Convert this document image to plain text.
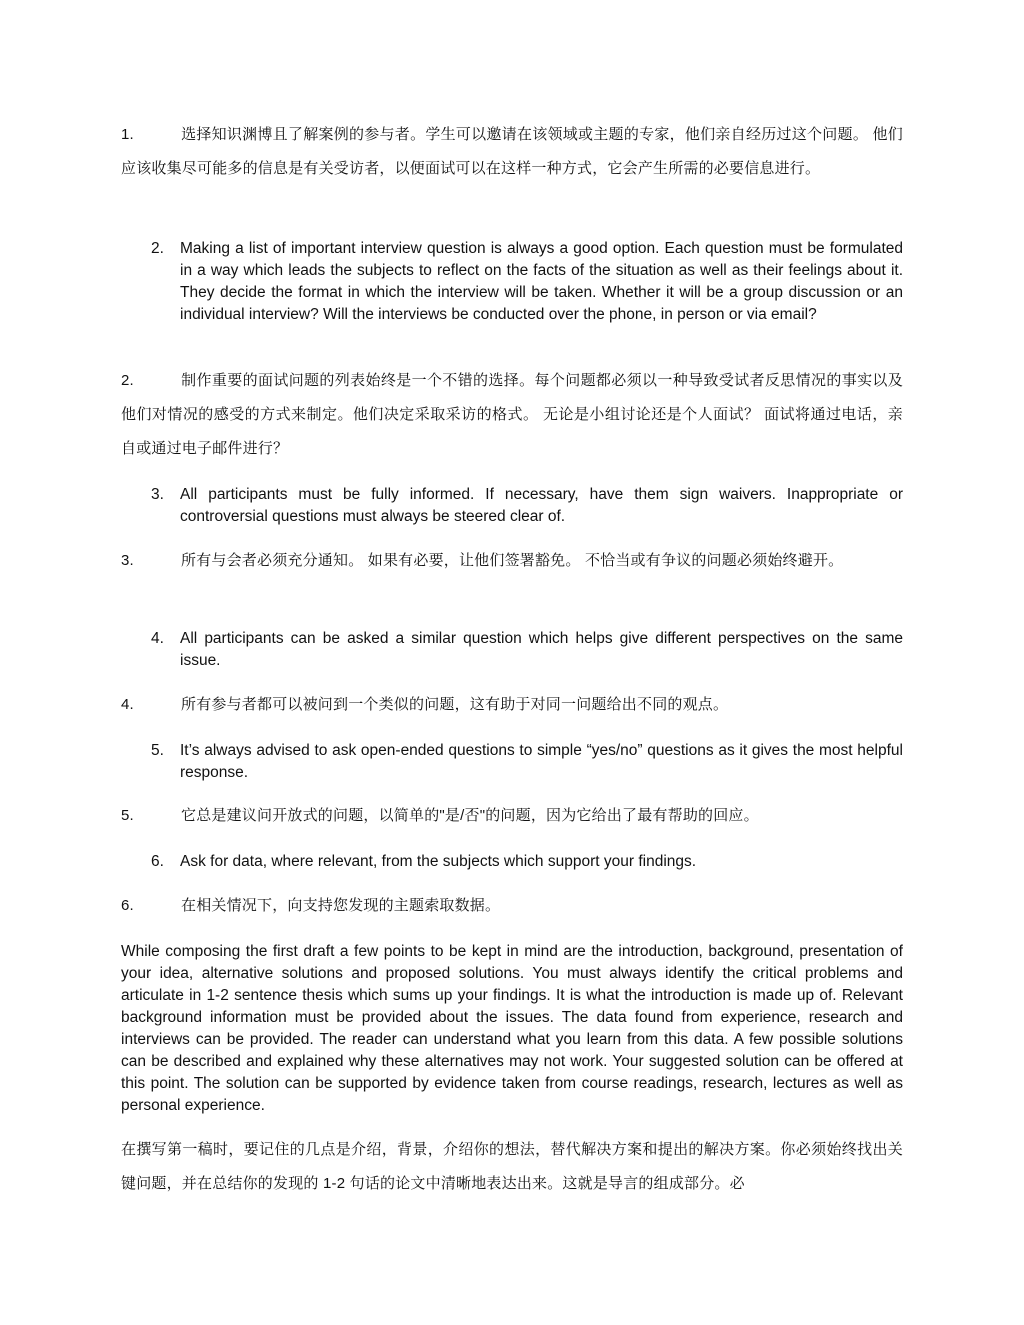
1.	选择知识渊博且了解案例的参与者。学生可以邀请在该领域或主题的专家，他们亲自经历过这个问题。 他们应该收集尽可能多的信息是有关受访者，以便面试可以在这样一种方式，它会产生所需的必要信息进行。

2. Making a list of important interview question is always a good option. Each question must be formulated in a way which leads the subjects to reflect on the facts of the situation as well as their feelings about it. They decide the format in which the interview will be taken. Whether it will be a group discussion or an individual interview? Will the interviews be conducted over the phone, in person or via email?

2.	制作重要的面试问题的列表始终是一个不错的选择。每个问题都必须以一种导致受试者反思情况的事实以及他们对情况的感受的方式来制定。他们决定采取采访的格式。 无论是小组讨论还是个人面试？ 面试将通过电话，亲自或通过电子邮件进行？

3. All participants must be fully informed. If necessary, have them sign waivers. Inappropriate or controversial questions must always be steered clear of.

3.	所有与会者必须充分通知。 如果有必要，让他们签署豁免。 不恰当或有争议的问题必须始终避开。

4. All participants can be asked a similar question which helps give different perspectives on the same issue.

4.	所有参与者都可以被问到一个类似的问题，这有助于对同一问题给出不同的观点。

5. It’s always advised to ask open-ended questions to simple “yes/no” questions as it gives the most helpful response.

5.	它总是建议问开放式的问题，以简单的"是/否"的问题，因为它给出了最有帮助的回应。

6. Ask for data, where relevant, from the subjects which support your findings.

6.	在相关情况下，向支持您发现的主题索取数据。

While composing the first draft a few points to be kept in mind are the introduction, background, presentation of your idea, alternative solutions and proposed solutions. You must always identify the critical problems and articulate in 1-2 sentence thesis which sums up your findings. It is what the introduction is made up of. Relevant background information must be provided about the issues. The data found from experience, research and interviews can be provided. The reader can understand what you learn from this data. A few possible solutions can be described and explained why these alternatives may not work. Your suggested solution can be offered at this point. The solution can be supported by evidence taken from course readings, research, lectures as well as personal experience.

在撰写第一稿时，要记住的几点是介绍，背景，介绍你的想法，替代解决方案和提出的解决方案。你必须始终找出关键问题，并在总结你的发现的 1-2 句话的论文中清晰地表达出来。这就是导言的组成部分。必
